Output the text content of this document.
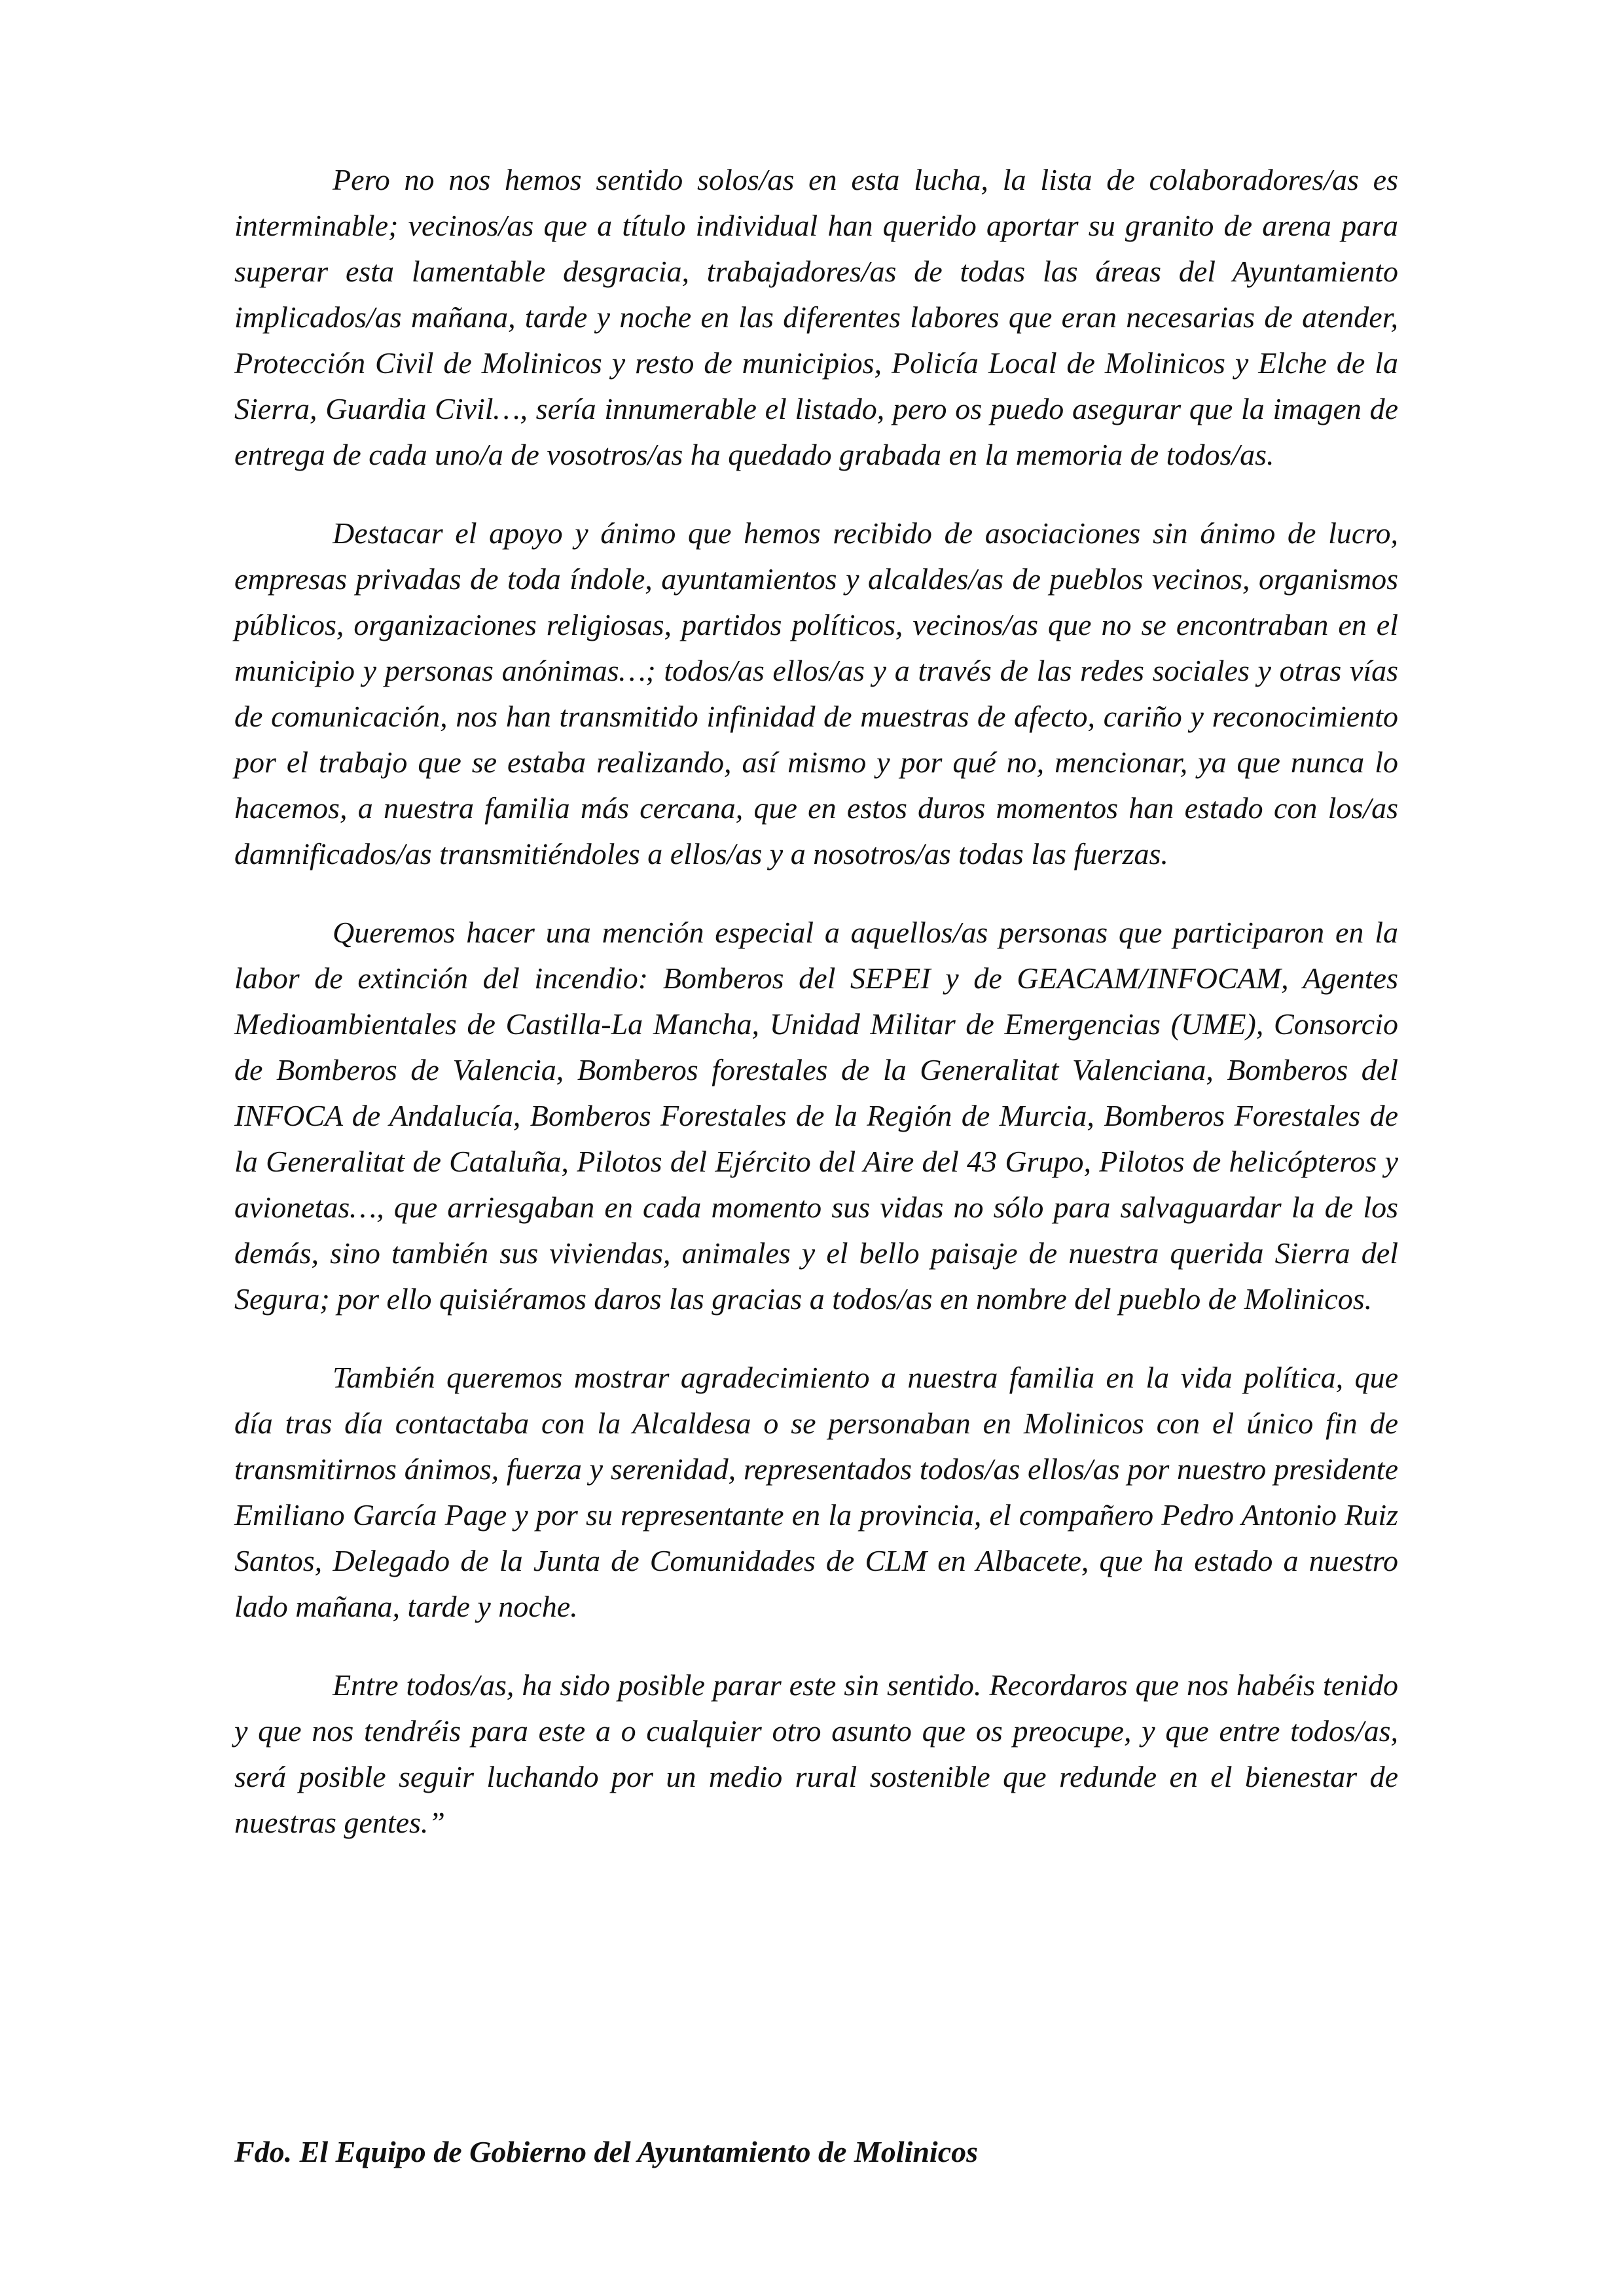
Pero no nos hemos sentido solos/as en esta lucha, la lista de colaboradores/as es interminable; vecinos/as que a título individual han querido aportar su granito de arena para superar esta lamentable desgracia, trabajadores/as de todas las áreas del Ayuntamiento implicados/as mañana, tarde y noche en las diferentes labores que eran necesarias de atender, Protección Civil de Molinicos y resto de municipios, Policía Local de Molinicos y Elche de la Sierra, Guardia Civil…, sería innumerable el listado, pero os puedo asegurar que la imagen de entrega de cada uno/a de vosotros/as ha quedado grabada en la memoria de todos/as.

Destacar el apoyo y ánimo que hemos recibido de asociaciones sin ánimo de lucro, empresas privadas de toda índole, ayuntamientos y alcaldes/as de pueblos vecinos, organismos públicos, organizaciones religiosas, partidos políticos, vecinos/as que no se encontraban en el municipio y personas anónimas…; todos/as ellos/as y a través de las redes sociales y otras vías de comunicación, nos han transmitido infinidad de muestras de afecto, cariño y reconocimiento por el trabajo que se estaba realizando, así mismo y por qué no, mencionar, ya que nunca lo hacemos, a nuestra familia más cercana, que en estos duros momentos han estado con los/as damnificados/as transmitiéndoles a ellos/as y a nosotros/as todas las fuerzas.

Queremos hacer una mención especial a aquellos/as personas que participaron en la labor de extinción del incendio: Bomberos del SEPEI y de GEACAM/INFOCAM, Agentes Medioambientales de Castilla-La Mancha, Unidad Militar de Emergencias (UME), Consorcio de Bomberos de Valencia, Bomberos forestales de la Generalitat Valenciana, Bomberos del INFOCA de Andalucía, Bomberos Forestales de la Región de Murcia, Bomberos Forestales de la Generalitat de Cataluña, Pilotos del Ejército del Aire del 43 Grupo, Pilotos de helicópteros y avionetas…, que arriesgaban en cada momento sus vidas no sólo para salvaguardar la de los demás, sino también sus viviendas, animales y el bello paisaje de nuestra querida Sierra del Segura; por ello quisiéramos daros las gracias a todos/as en nombre del pueblo de Molinicos.

También queremos mostrar agradecimiento a nuestra familia en la vida política, que día tras día contactaba con la Alcaldesa o se personaban en Molinicos con el único fin de transmitirnos ánimos, fuerza y serenidad, representados todos/as ellos/as por nuestro presidente Emiliano García Page y por su representante en la provincia, el compañero Pedro Antonio Ruiz Santos, Delegado de la Junta de Comunidades de CLM en Albacete, que ha estado a nuestro lado mañana, tarde y noche.

Entre todos/as, ha sido posible parar este sin sentido. Recordaros que nos habéis tenido y que nos tendréis para este a o cualquier otro asunto que os preocupe, y que entre todos/as, será posible seguir luchando por un medio rural sostenible que redunde en el bienestar de nuestras gentes.”

Fdo. El Equipo de Gobierno del Ayuntamiento de Molinicos
